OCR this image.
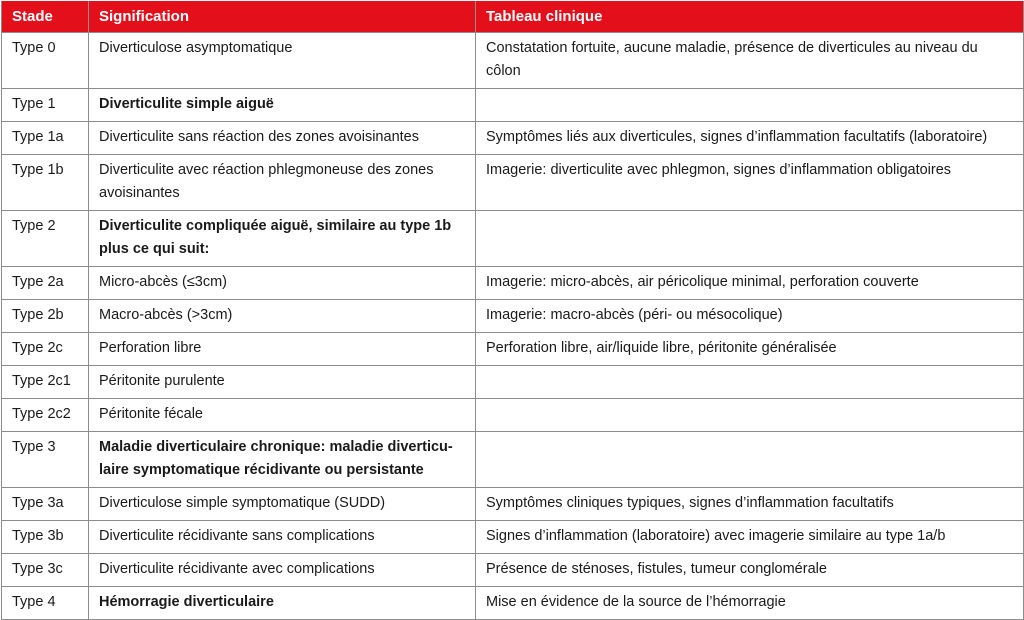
Stade	Signification	Tableau clinique
Type 0	Diverticulose asymptomatique	Constatation fortuite, aucune maladie, présence de diverticules au niveau du côlon
Type 1	Diverticulite simple aiguë	
Type 1a	Diverticulite sans réaction des zones avoisinantes	Symptômes liés aux diverticules, signes d’inflammation facultatifs (laboratoire)
Type 1b	Diverticulite avec réaction phlegmoneuse des zones avoisinantes	Imagerie: diverticulite avec phlegmon, signes d’inflammation obligatoires
Type 2	Diverticulite compliquée aiguë, similaire au type 1b plus ce qui suit:	
Type 2a	Micro-abcès (≤3cm)	Imagerie: micro-abcès, air péricolique minimal, perforation couverte
Type 2b	Macro-abcès (>3cm)	Imagerie: macro-abcès (péri- ou mésocolique)
Type 2c	Perforation libre	Perforation libre, air/liquide libre, péritonite généralisée
Type 2c1	Péritonite purulente	
Type 2c2	Péritonite fécale	
Type 3	Maladie diverticulaire chronique: maladie diverticu-laire symptomatique récidivante ou persistante	
Type 3a	Diverticulose simple symptomatique (SUDD)	Symptômes cliniques typiques, signes d’inflammation facultatifs
Type 3b	Diverticulite récidivante sans complications	Signes d’inflammation (laboratoire) avec imagerie similaire au type 1a/b
Type 3c	Diverticulite récidivante avec complications	Présence de sténoses, fistules, tumeur conglomérale
Type 4	Hémorragie diverticulaire	Mise en évidence de la source de l’hémorragie
